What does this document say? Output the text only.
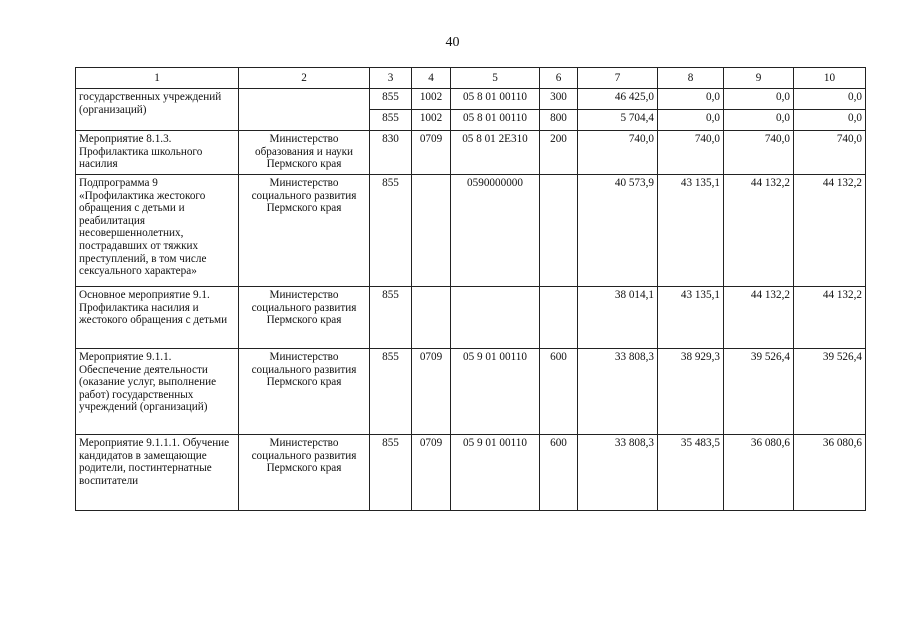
40
1	2	3	4	5	6	7	8	9	10
государственных учреждений (организаций)		855	1002	05 8 01 00110	300	46 425,0	0,0	0,0	0,0
		855	1002	05 8 01 00110	800	5 704,4	0,0	0,0	0,0
Мероприятие 8.1.3. Профилактика школьного насилия	Министерство образования и науки Пермского края	830	0709	05 8 01 2Е310	200	740,0	740,0	740,0	740,0
Подпрограмма 9 «Профилактика жестокого обращения с детьми и реабилитация несовершеннолетних, пострадавших от тяжких преступлений, в том числе сексуального характера»	Министерство социального развития Пермского края	855		0590000000		40 573,9	43 135,1	44 132,2	44 132,2
Основное мероприятие 9.1. Профилактика насилия и жестокого обращения с детьми	Министерство социального развития Пермского края	855				38 014,1	43 135,1	44 132,2	44 132,2
Мероприятие 9.1.1. Обеспечение деятельности (оказание услуг, выполнение работ) государственных учреждений (организаций)	Министерство социального развития Пермского края	855	0709	05 9 01 00110	600	33 808,3	38 929,3	39 526,4	39 526,4
Мероприятие 9.1.1.1. Обучение кандидатов в замещающие родители, постинтернатные воспитатели	Министерство социального развития Пермского края	855	0709	05 9 01 00110	600	33 808,3	35 483,5	36 080,6	36 080,6
